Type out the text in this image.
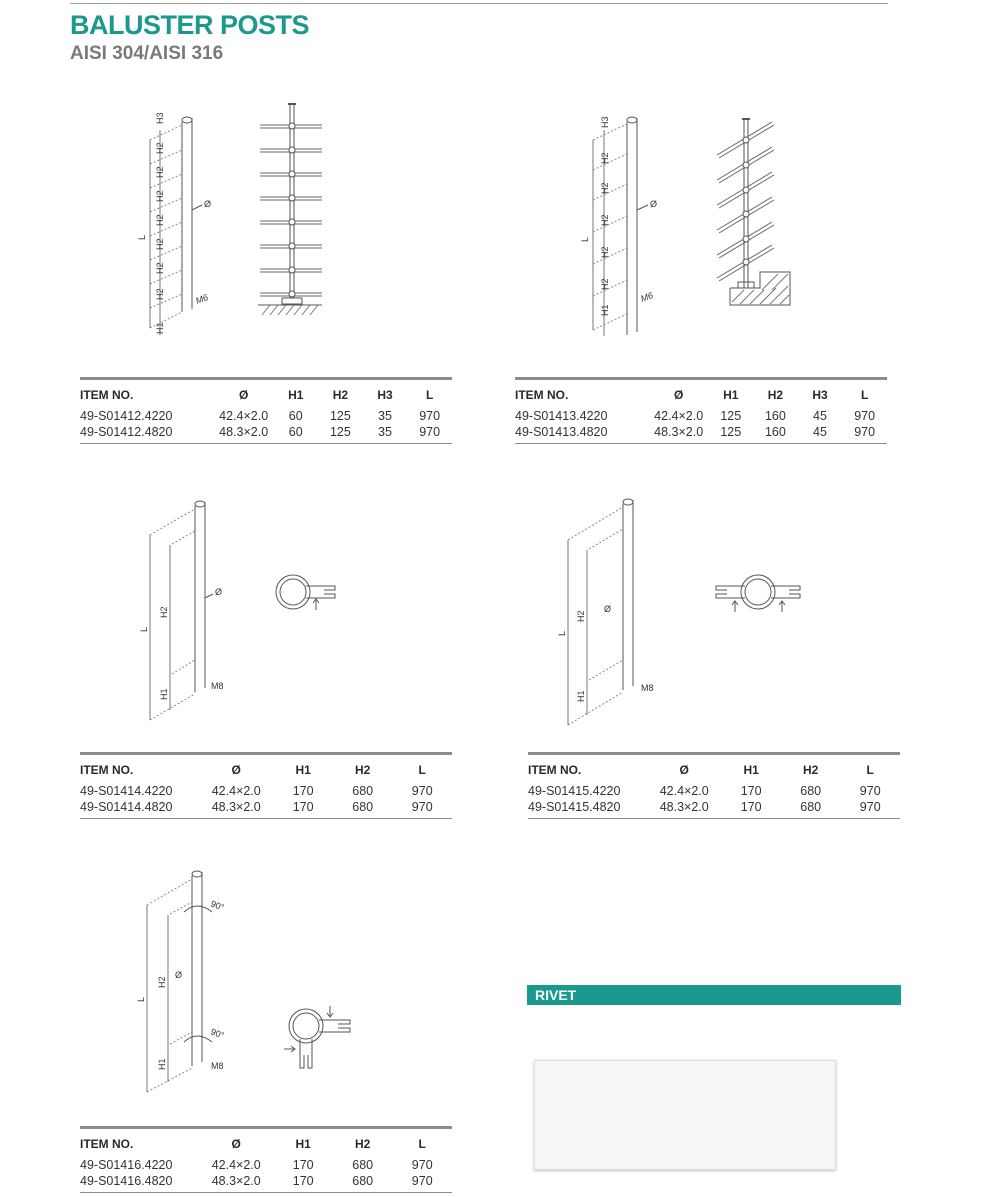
BALUSTER POSTS
AISI 304/AISI 316
H3
H2
H2
H2
H2
H2
H2
H2
H1
L
Ø
M6
H3
H2
H2
H2
H2
H2
H1
L
Ø
M6
L
H2
H1
Ø
M8
L
H2
H1
Ø
M8
L
H2
H1
Ø
90°
90°
M8
ITEM NO.	Ø	H1	H2	H3	L
49-S01412.4220	42.4×2.0	60	125	35	970
49-S01412.4820	48.3×2.0	60	125	35	970
ITEM NO.	Ø	H1	H2	H3	L
49-S01413.4220	42.4×2.0	125	160	45	970
49-S01413.4820	48.3×2.0	125	160	45	970
ITEM NO.	Ø	H1	H2	L
49-S01414.4220	42.4×2.0	170	680	970
49-S01414.4820	48.3×2.0	170	680	970
ITEM NO.	Ø	H1	H2	L
49-S01415.4220	42.4×2.0	170	680	970
49-S01415.4820	48.3×2.0	170	680	970
ITEM NO.	Ø	H1	H2	L
49-S01416.4220	42.4×2.0	170	680	970
49-S01416.4820	48.3×2.0	170	680	970
RIVET
